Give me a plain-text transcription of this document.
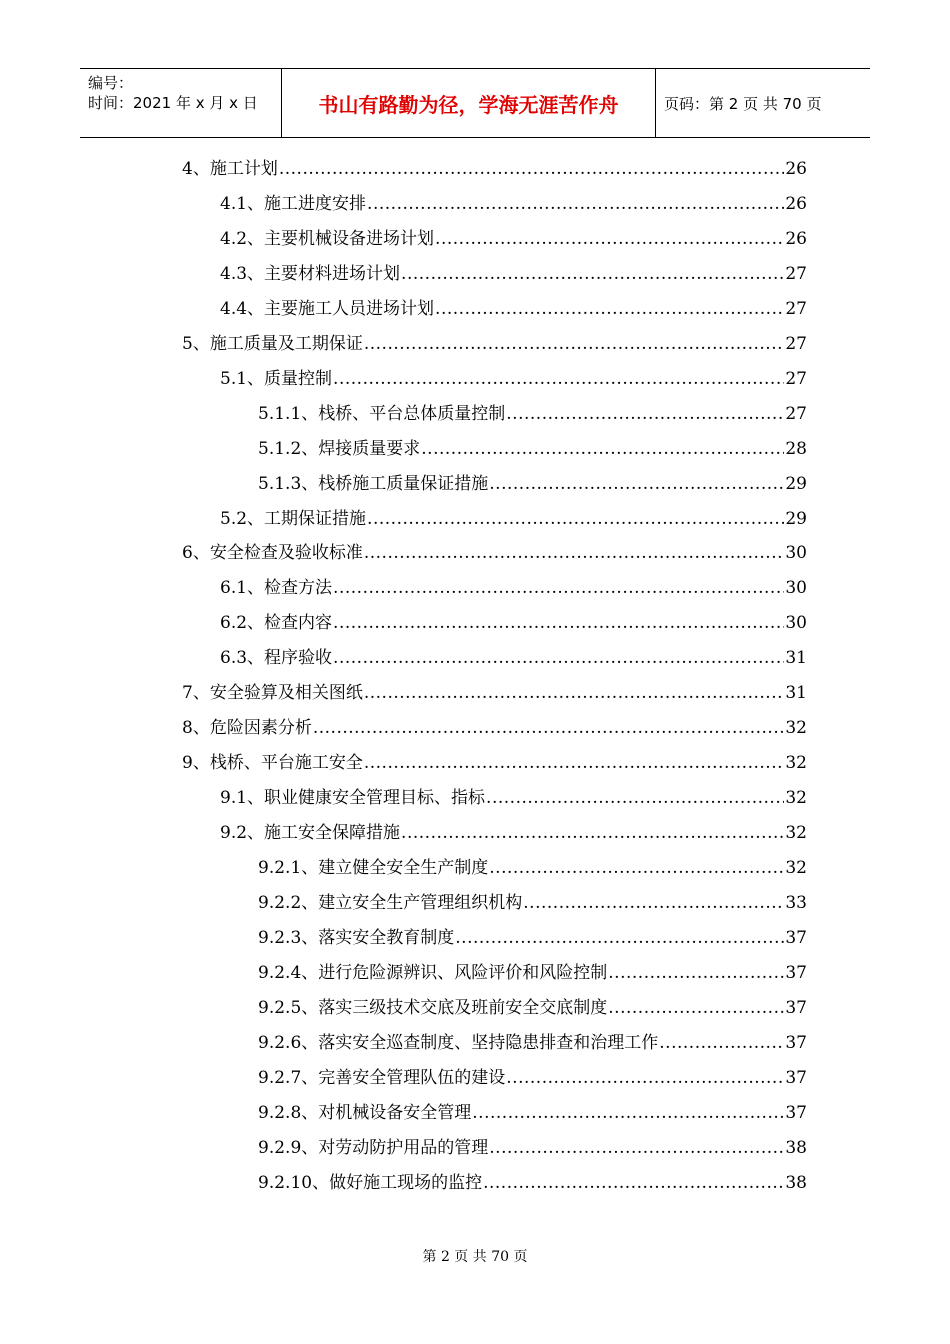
编号：
时间：2021 年 x 月 x 日	书山有路勤为径，学海无涯苦作舟	页码：第 2 页 共 70 页
4、施工计划 .....	26
4.1、施工进度安排 .....	26
4.2、主要机械设备进场计划 .....	26
4.3、主要材料进场计划 .....	27
4.4、主要施工人员进场计划 .....	27
5、施工质量及工期保证 .....	27
5.1、质量控制 .....	27
5.1.1、栈桥、平台总体质量控制 .....	27
5.1.2、焊接质量要求 .....	28
5.1.3、栈桥施工质量保证措施 .....	29
5.2、工期保证措施 .....	29
6、安全检查及验收标准 .....	30
6.1、检查方法 .....	30
6.2、检查内容 .....	30
6.3、程序验收 .....	31
7、安全验算及相关图纸 .....	31
8、危险因素分析 .....	32
9、栈桥、平台施工安全 .....	32
9.1、职业健康安全管理目标、指标 .....	32
9.2、施工安全保障措施 .....	32
9.2.1、建立健全安全生产制度 .....	32
9.2.2、建立安全生产管理组织机构 .....	33
9.2.3、落实安全教育制度 .....	37
9.2.4、进行危险源辨识、风险评价和风险控制 .....	37
9.2.5、落实三级技术交底及班前安全交底制度 .....	37
9.2.6、落实安全巡查制度、坚持隐患排查和治理工作 .....	37
9.2.7、完善安全管理队伍的建设 .....	37
9.2.8、对机械设备安全管理 .....	37
9.2.9、对劳动防护用品的管理 .....	38
9.2.10、做好施工现场的监控 .....	38
第 2 页 共 70 页
